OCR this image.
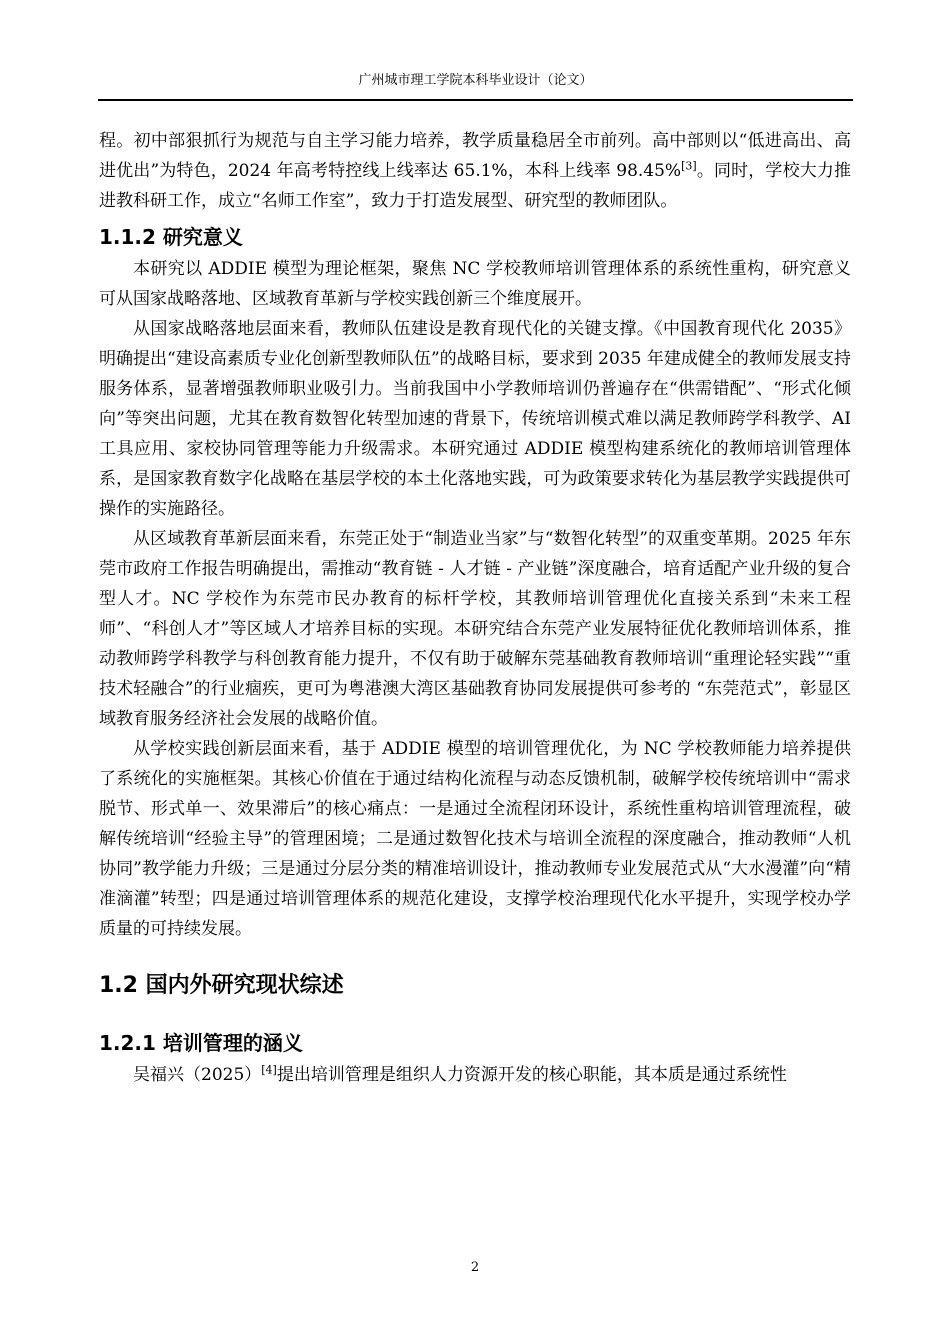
广州城市理工学院本科毕业设计（论文）

程。初中部狠抓行为规范与自主学习能力培养，教学质量稳居全市前列。高中部则以“低进高出、高进优出”为特色，2024 年高考特控线上线率达 65.1%，本科上线率 98.45%[3]。同时，学校大力推进教科研工作，成立“名师工作室”，致力于打造发展型、研究型的教师团队。

1.1.2 研究意义

本研究以 ADDIE 模型为理论框架，聚焦 NC 学校教师培训管理体系的系统性重构，研究意义可从国家战略落地、区域教育革新与学校实践创新三个维度展开。

从国家战略落地层面来看，教师队伍建设是教育现代化的关键支撑。《中国教育现代化 2035》明确提出“建设高素质专业化创新型教师队伍”的战略目标，要求到 2035 年建成健全的教师发展支持服务体系，显著增强教师职业吸引力。当前我国中小学教师培训仍普遍存在“供需错配”、“形式化倾向”等突出问题，尤其在教育数智化转型加速的背景下，传统培训模式难以满足教师跨学科教学、AI 工具应用、家校协同管理等能力升级需求。本研究通过 ADDIE 模型构建系统化的教师培训管理体系，是国家教育数字化战略在基层学校的本土化落地实践，可为政策要求转化为基层教学实践提供可操作的实施路径。

从区域教育革新层面来看，东莞正处于“制造业当家”与“数智化转型”的双重变革期。2025 年东莞市政府工作报告明确提出，需推动“教育链 - 人才链 - 产业链”深度融合，培育适配产业升级的复合型人才。NC 学校作为东莞市民办教育的标杆学校，其教师培训管理优化直接关系到“未来工程师”、“科创人才”等区域人才培养目标的实现。本研究结合东莞产业发展特征优化教师培训体系，推动教师跨学科教学与科创教育能力提升，不仅有助于破解东莞基础教育教师培训“重理论轻实践”“重技术轻融合”的行业痼疾，更可为粤港澳大湾区基础教育协同发展提供可参考的 “东莞范式”，彰显区域教育服务经济社会发展的战略价值。

从学校实践创新层面来看，基于 ADDIE 模型的培训管理优化，为 NC 学校教师能力培养提供了系统化的实施框架。其核心价值在于通过结构化流程与动态反馈机制，破解学校传统培训中“需求脱节、形式单一、效果滞后”的核心痛点：一是通过全流程闭环设计，系统性重构培训管理流程，破解传统培训“经验主导”的管理困境；二是通过数智化技术与培训全流程的深度融合，推动教师“人机协同”教学能力升级；三是通过分层分类的精准培训设计，推动教师专业发展范式从“大水漫灌”向“精准滴灌”转型；四是通过培训管理体系的规范化建设，支撑学校治理现代化水平提升，实现学校办学质量的可持续发展。

1.2 国内外研究现状综述
1.2.1 培训管理的涵义

吴福兴（2025）[4]提出培训管理是组织人力资源开发的核心职能，其本质是通过系统性

2
